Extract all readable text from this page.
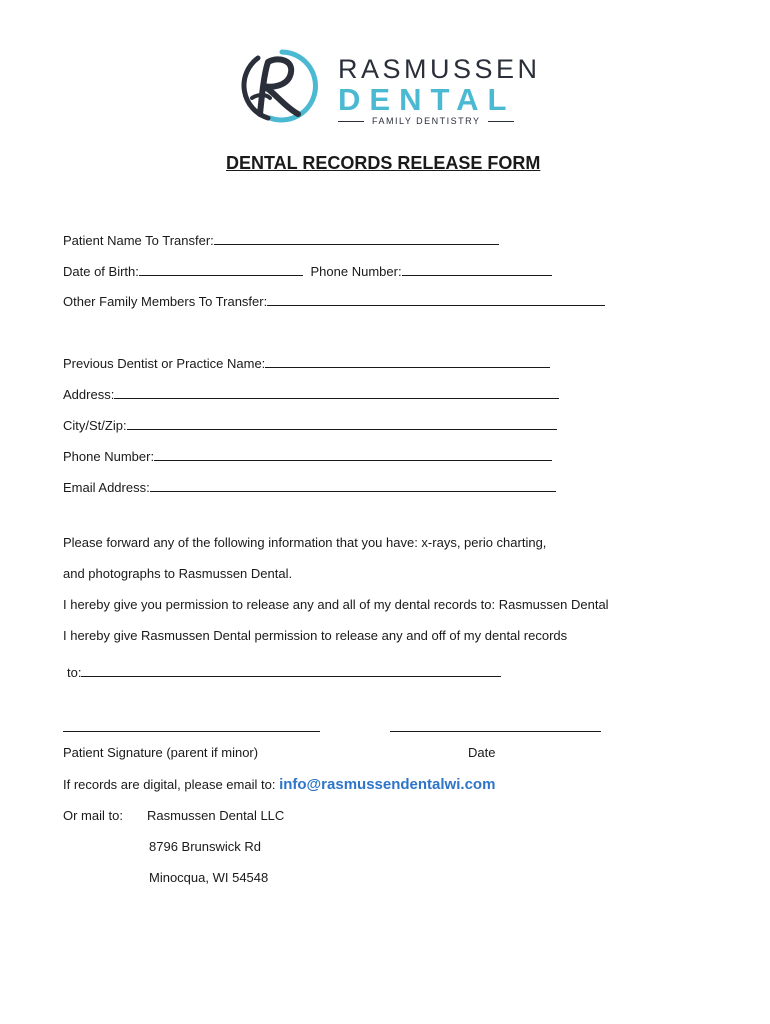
RASMUSSEN
DENTAL
FAMILY DENTISTRY
DENTAL RECORDS RELEASE FORM
Patient Name To Transfer:
Date of Birth:	Phone Number:
Other Family Members To Transfer:
Previous Dentist or Practice Name:
Address:
City/St/Zip:
Phone Number:
Email Address:
Please forward any of the following information that you have: x-rays, perio charting,
and photographs to Rasmussen Dental.
I hereby give you permission to release any and all of my dental records to: Rasmussen Dental
I hereby give Rasmussen Dental permission to release any and off of my dental records
to:
Patient Signature (parent if minor)	Date
If records are digital, please email to: info@rasmussendentalwi.com
Or mail to: Rasmussen Dental LLC
8796 Brunswick Rd
Minocqua, WI 54548
